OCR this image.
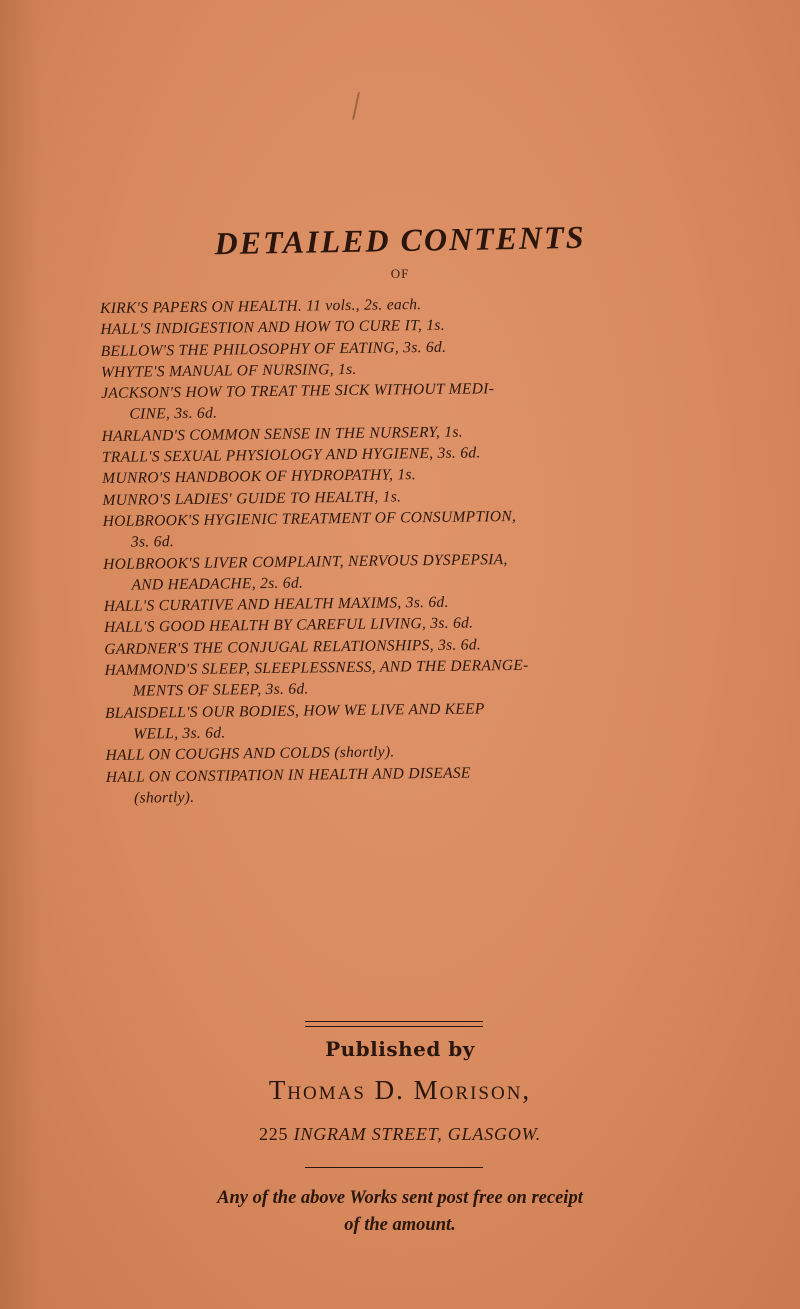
DETAILED CONTENTS
OF
KIRK'S PAPERS ON HEALTH. 11 vols., 2s. each.
HALL'S INDIGESTION AND HOW TO CURE IT, 1s.
BELLOW'S THE PHILOSOPHY OF EATING, 3s. 6d.
WHYTE'S MANUAL OF NURSING, 1s.
JACKSON'S HOW TO TREAT THE SICK WITHOUT MEDI-
CINE, 3s. 6d.
HARLAND'S COMMON SENSE IN THE NURSERY, 1s.
TRALL'S SEXUAL PHYSIOLOGY AND HYGIENE, 3s. 6d.
MUNRO'S HANDBOOK OF HYDROPATHY, 1s.
MUNRO'S LADIES' GUIDE TO HEALTH, 1s.
HOLBROOK'S HYGIENIC TREATMENT OF CONSUMPTION,
3s. 6d.
HOLBROOK'S LIVER COMPLAINT, NERVOUS DYSPEPSIA,
AND HEADACHE, 2s. 6d.
HALL'S CURATIVE AND HEALTH MAXIMS, 3s. 6d.
HALL'S GOOD HEALTH BY CAREFUL LIVING, 3s. 6d.
GARDNER'S THE CONJUGAL RELATIONSHIPS, 3s. 6d.
HAMMOND'S SLEEP, SLEEPLESSNESS, AND THE DERANGE-
MENTS OF SLEEP, 3s. 6d.
BLAISDELL'S OUR BODIES, HOW WE LIVE AND KEEP
WELL, 3s. 6d.
HALL ON COUGHS AND COLDS (shortly).
HALL ON CONSTIPATION IN HEALTH AND DISEASE
(shortly).
Published by
Thomas D. Morison,
225 INGRAM STREET, GLASGOW.
Any of the above Works sent post free on receipt
of the amount.
